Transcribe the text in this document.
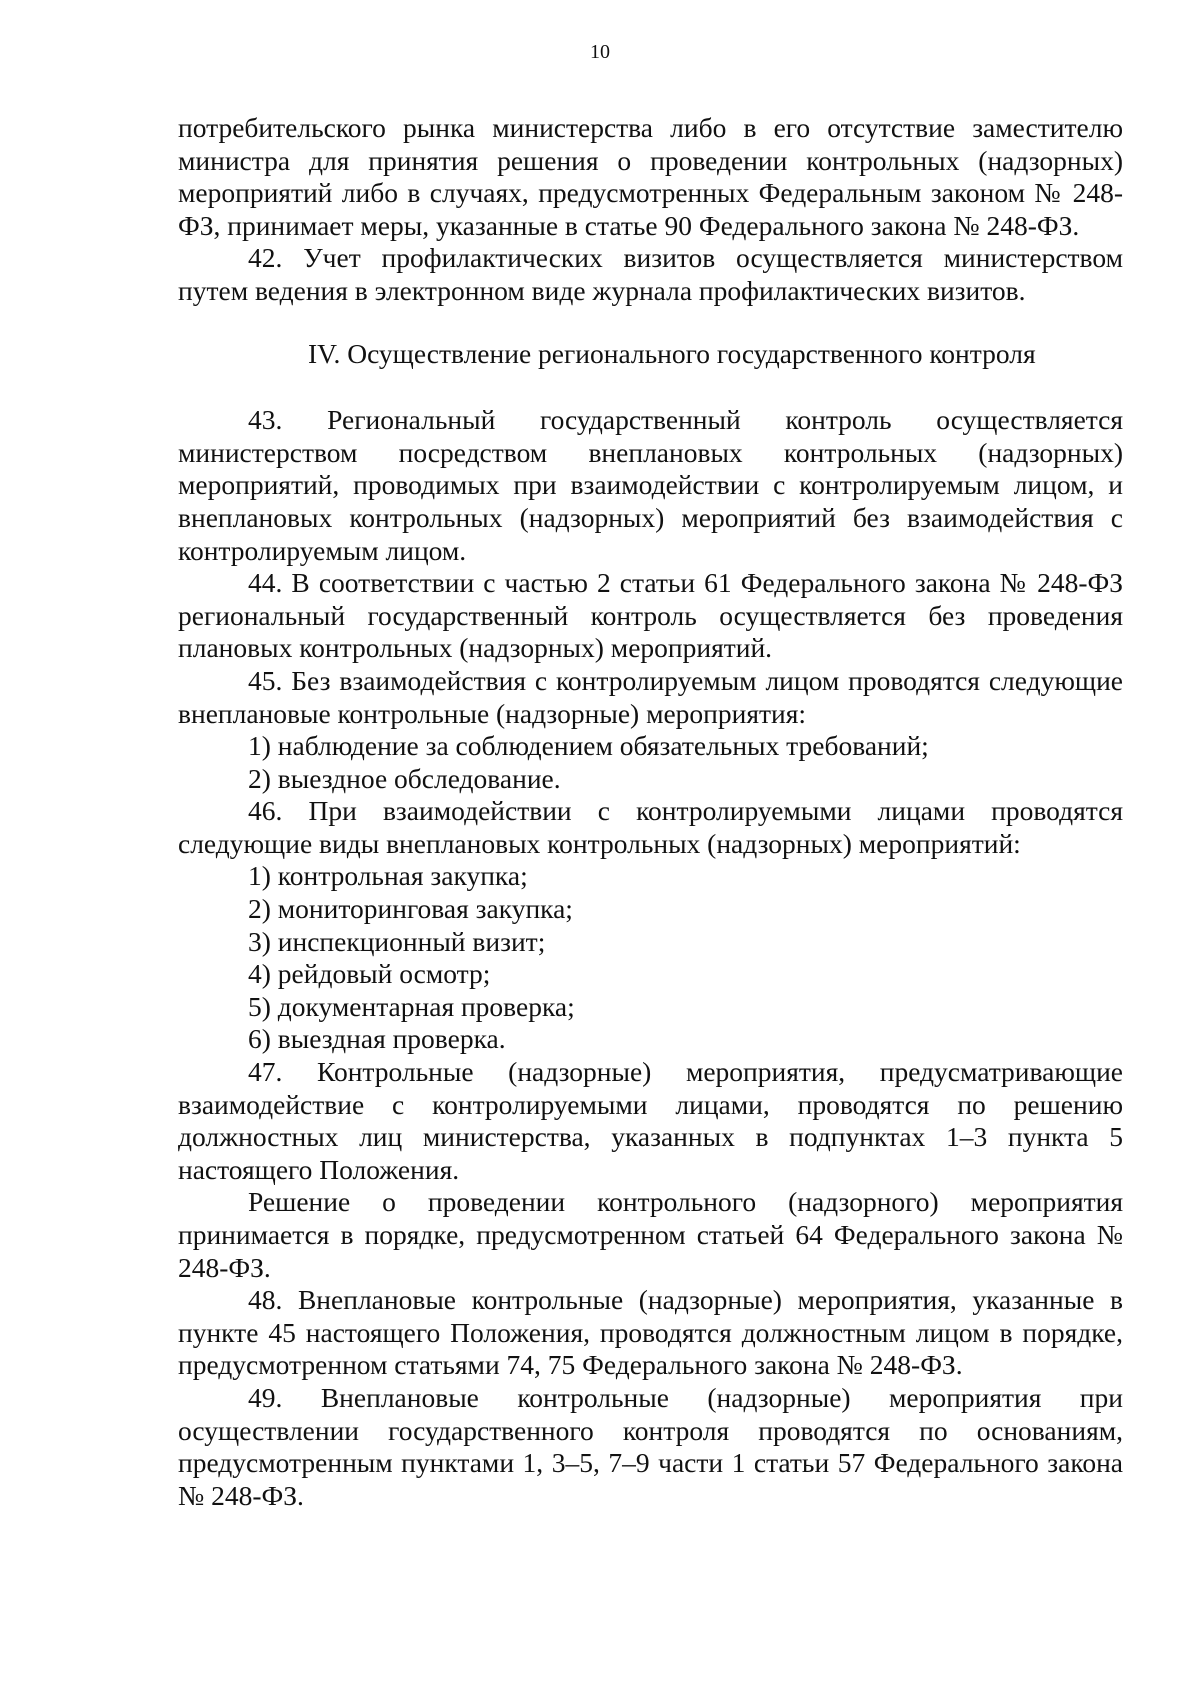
10

потребительского рынка министерства либо в его отсутствие заместителю министра для принятия решения о проведении контрольных (надзорных) мероприятий либо в случаях, предусмотренных Федеральным законом № 248-ФЗ, принимает меры, указанные в статье 90 Федерального закона № 248-ФЗ.

42. Учет профилактических визитов осуществляется министерством путем ведения в электронном виде журнала профилактических визитов.

IV. Осуществление регионального государственного контроля

43. Региональный государственный контроль осуществляется министерством посредством внеплановых контрольных (надзорных) мероприятий, проводимых при взаимодействии с контролируемым лицом, и внеплановых контрольных (надзорных) мероприятий без взаимодействия с контролируемым лицом.

44. В соответствии с частью 2 статьи 61 Федерального закона № 248-ФЗ региональный государственный контроль осуществляется без проведения плановых контрольных (надзорных) мероприятий.

45. Без взаимодействия с контролируемым лицом проводятся следующие внеплановые контрольные (надзорные) мероприятия:

1) наблюдение за соблюдением обязательных требований;

2) выездное обследование.

46. При взаимодействии с контролируемыми лицами проводятся следующие виды внеплановых контрольных (надзорных) мероприятий:

1) контрольная закупка;

2) мониторинговая закупка;

3) инспекционный визит;

4) рейдовый осмотр;

5) документарная проверка;

6) выездная проверка.

47. Контрольные (надзорные) мероприятия, предусматривающие взаимодействие с контролируемыми лицами, проводятся по решению должностных лиц министерства, указанных в подпунктах 1–3 пункта 5 настоящего Положения.

Решение о проведении контрольного (надзорного) мероприятия принимается в порядке, предусмотренном статьей 64 Федерального закона № 248-ФЗ.

48. Внеплановые контрольные (надзорные) мероприятия, указанные в пункте 45 настоящего Положения, проводятся должностным лицом в порядке, предусмотренном статьями 74, 75 Федерального закона № 248-ФЗ.

49. Внеплановые контрольные (надзорные) мероприятия при осуществлении государственного контроля проводятся по основаниям, предусмотренным пунктами 1, 3–5, 7–9 части 1 статьи 57 Федерального закона № 248-ФЗ.
